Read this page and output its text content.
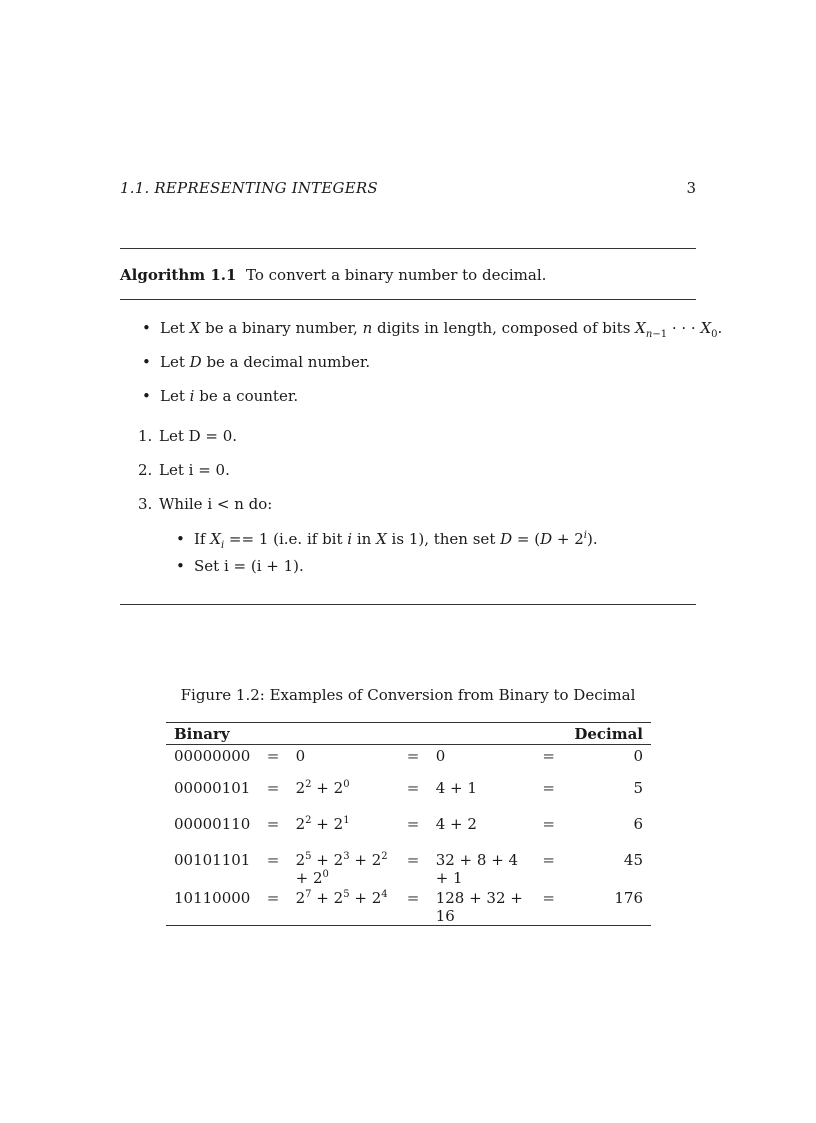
1.1. REPRESENTING INTEGERS	3
Algorithm 1.1 To convert a binary number to decimal.
• Let X be a binary number, n digits in length, composed of bits $X_{n-1}$ · · · $X_0$.
• Let D be a decimal number.
• Let i be a counter.
1. Let D = 0.
2. Let i = 0.
3. While i < n do:
• If $X_i == 1$ (i.e. if bit i in X is 1), then set $D = (D + 2^i)$.
• Set i = (i + 1).
Figure 1.2: Examples of Conversion from Binary to Decimal
Binary						Decimal
00000000	=	0	=	0	=	0
00000101	=	$2^2 + 2^0$	=	4 + 1	=	5
00000110	=	$2^2 + 2^1$	=	4 + 2	=	6
00101101	=	$2^5 + 2^3 + 2^2 + 2^0$	=	32 + 8 + 4 + 1	=	45
10110000	=	$2^7 + 2^5 + 2^4$	=	128 + 32 + 16	=	176
